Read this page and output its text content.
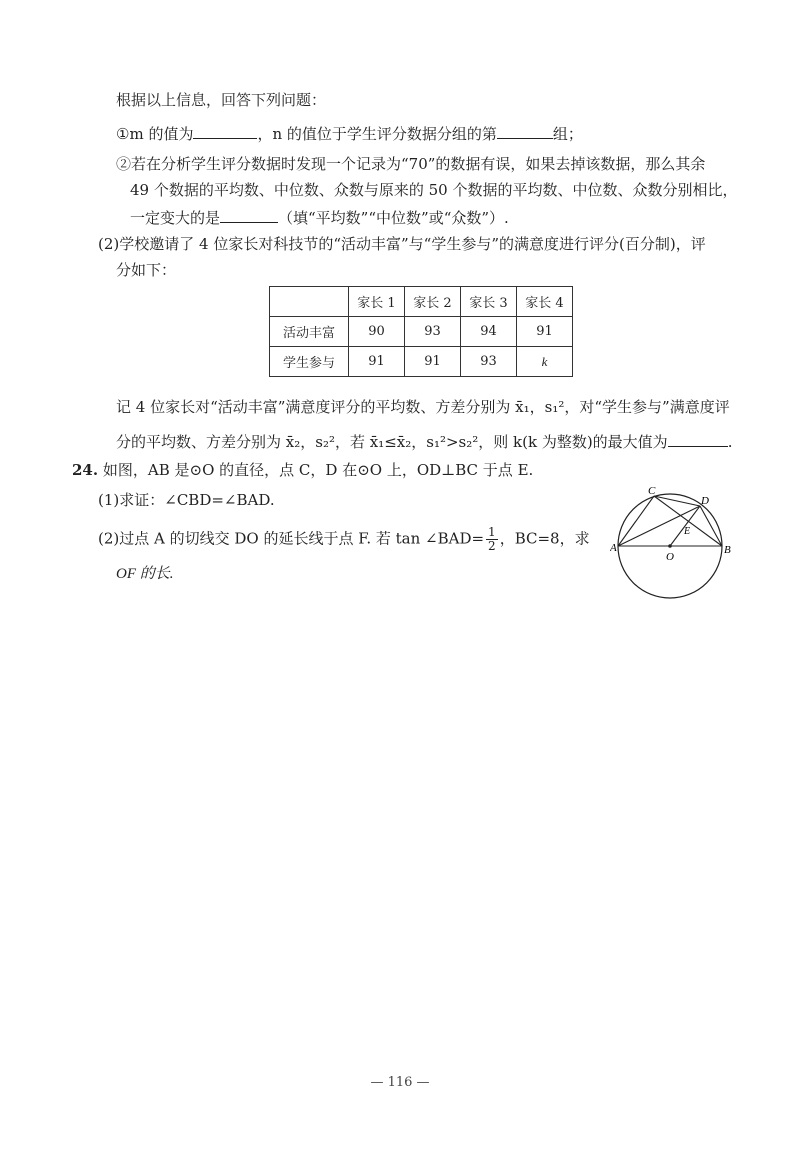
根据以上信息，回答下列问题：
①m 的值为	，n 的值位于学生评分数据分组的第	组；
②若在分析学生评分数据时发现一个记录为“70”的数据有误，如果去掉该数据，那么其余
49 个数据的平均数、中位数、众数与原来的 50 个数据的平均数、中位数、众数分别相比，
一定变大的是	（填“平均数”“中位数”或“众数”）.
(2)学校邀请了 4 位家长对科技节的“活动丰富”与“学生参与”的满意度进行评分(百分制)，评
分如下：
	家长 1	家长 2	家长 3	家长 4
活动丰富	90	93	94	91
学生参与	91	91	93	k
记 4 位家长对“活动丰富”满意度评分的平均数、方差分别为 x̄₁，s₁²，对“学生参与”满意度评
分的平均数、方差分别为 x̄₂，s₂²，若 x̄₁≤x̄₂，s₁²>s₂²，则 k(k 为整数)的最大值为	.
24. 如图，AB 是⊙O 的直径，点 C，D 在⊙O 上，OD⊥BC 于点 E.
(1)求证：∠CBD=∠BAD.
(2)过点 A 的切线交 DO 的延长线于点 F. 若 tan ∠BAD= $\frac{1}{2}$ ，BC=8，求
OF 的长.
A	B
C
D
E
O
— 116 —
